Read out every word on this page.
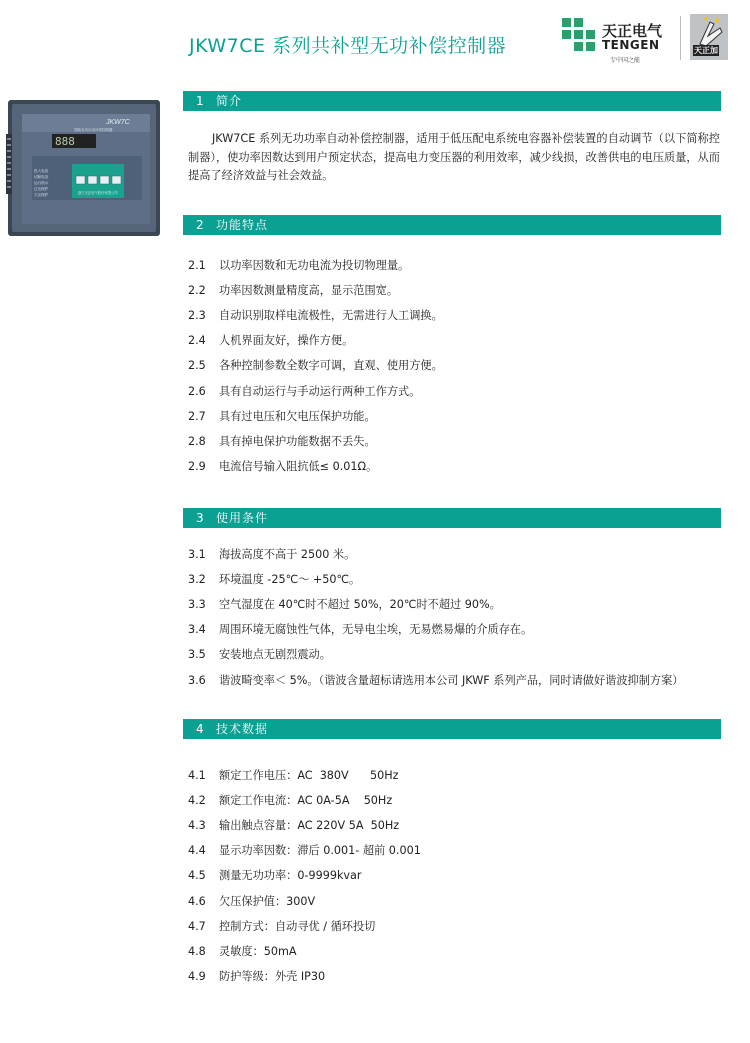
JKW7CE 系列共补型无功补偿控制器
天正电气
TENGEN
专中国之能
天正加
JKW7C
智能无功自动补偿控制器
888
投入电容
切除电容
运行指示
过压保护
欠压保护	浙江天正电气股份有限公司
1 简介
JKW7CE 系列无功功率自动补偿控制器，适用于低压配电系统电容器补偿装置的自动调节（以下简称控制器），使功率因数达到用户预定状态，提高电力变压器的利用效率，减少线损，改善供电的电压质量，从而提高了经济效益与社会效益。
2 功能特点
2.1 以功率因数和无功电流为投切物理量。
2.2 功率因数测量精度高，显示范围宽。
2.3 自动识别取样电流极性，无需进行人工调换。
2.4 人机界面友好，操作方便。
2.5 各种控制参数全数字可调，直观、使用方便。
2.6 具有自动运行与手动运行两种工作方式。
2.7 具有过电压和欠电压保护功能。
2.8 具有掉电保护功能数据不丢失。
2.9 电流信号输入阻抗低≤ 0.01Ω。
3 使用条件
3.1 海拔高度不高于 2500 米。
3.2 环境温度 -25℃～ +50℃。
3.3 空气湿度在 40℃时不超过 50%，20℃时不超过 90%。
3.4 周围环境无腐蚀性气体，无导电尘埃，无易燃易爆的介质存在。
3.5 安装地点无剧烈震动。
3.6 谐波畸变率＜ 5%。（谐波含量超标请选用本公司 JKWF 系列产品，同时请做好谐波抑制方案）
4 技术数据
4.1 额定工作电压：AC  380V      50Hz
4.2 额定工作电流：AC 0A-5A    50Hz
4.3 输出触点容量：AC 220V 5A  50Hz
4.4 显示功率因数：滞后 0.001- 超前 0.001
4.5 测量无功功率：0-9999kvar
4.6 欠压保护值：300V
4.7 控制方式：自动寻优 / 循环投切
4.8 灵敏度：50mA
4.9 防护等级：外壳 IP30
